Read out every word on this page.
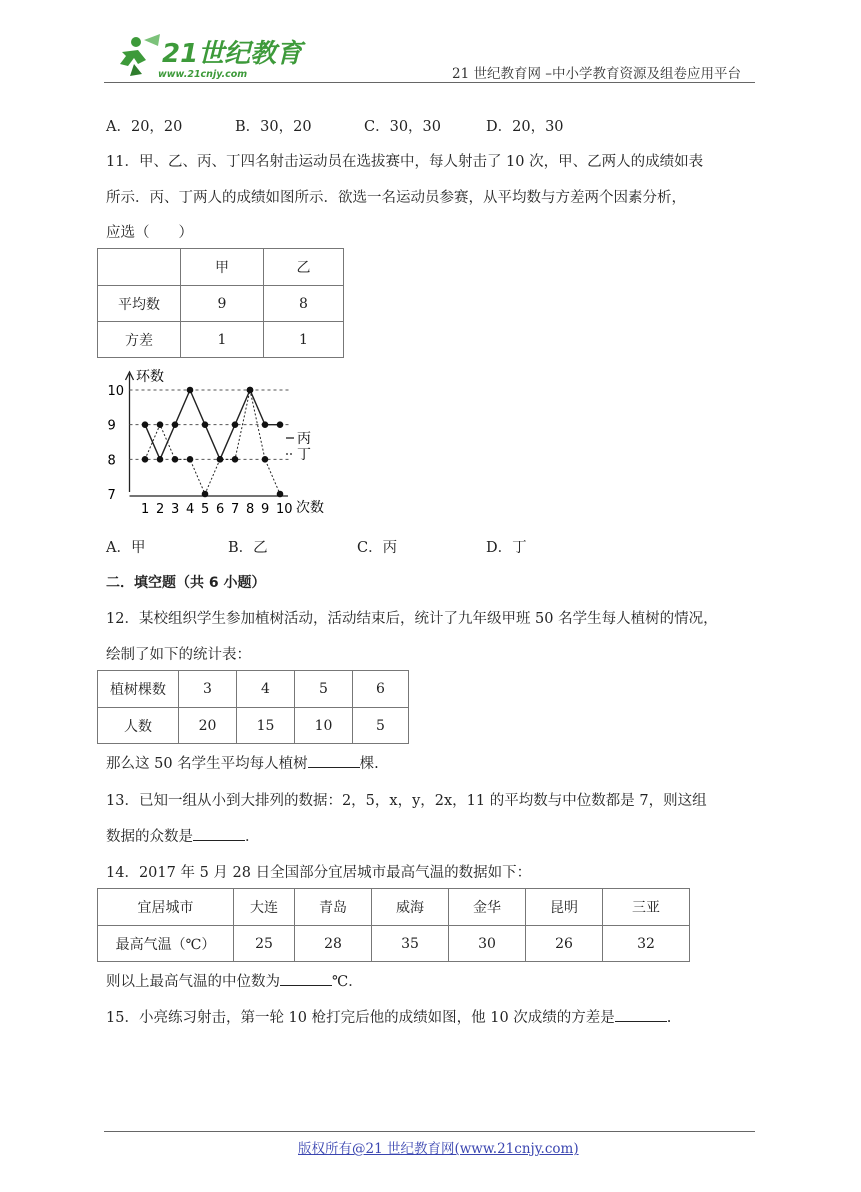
21世纪教育
www.21cnjy.com	21 世纪教育网 –中小学教育资源及组卷应用平台
A．20，20	B．30，20	C．30，30	D．20，30
11．甲、乙、丙、丁四名射击运动员在选拔赛中，每人射击了 10 次，甲、乙两人的成绩如表
所示．丙、丁两人的成绩如图所示．欲选一名运动员参赛，从平均数与方差两个因素分析，
应选（　　）
	甲	乙
平均数	9	8
方差	1	1
环数
次数
7
8
9
10
1 2 3 4 5 6 7 8 9 10
丙
丁
A．甲	B．乙	C．丙	D．丁
二．填空题（共 6 小题）
12．某校组织学生参加植树活动，活动结束后，统计了九年级甲班 50 名学生每人植树的情况，
绘制了如下的统计表：
植树棵数	3	4	5	6
人数	20	15	10	5
那么这 50 名学生平均每人植树	棵.
13．已知一组从小到大排列的数据：2，5，x，y，2x，11 的平均数与中位数都是 7，则这组
数据的众数是	．
14．2017 年 5 月 28 日全国部分宜居城市最高气温的数据如下：
宜居城市	大连	青岛	威海	金华	昆明	三亚
最高气温（℃）	25	28	35	30	26	32
则以上最高气温的中位数为	℃．
15．小亮练习射击，第一轮 10 枪打完后他的成绩如图，他 10 次成绩的方差是	.
版权所有@21 世纪教育网(www.21cnjy.com)
